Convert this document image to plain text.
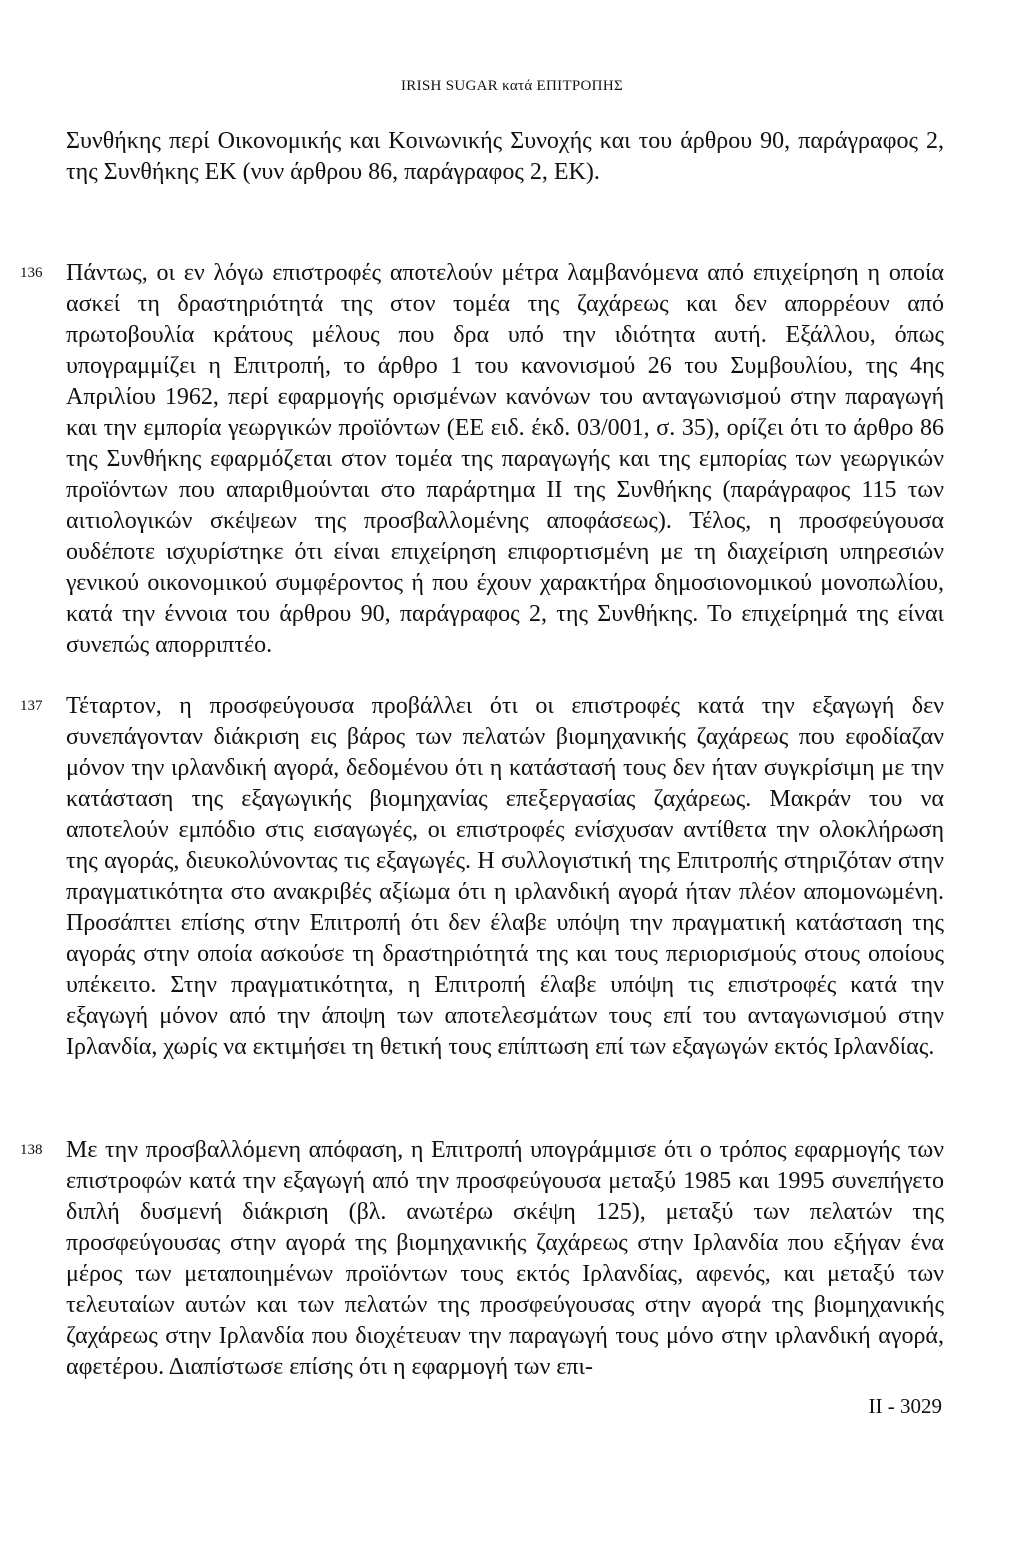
IRISH SUGAR κατά ΕΠΙΤΡΟΠΗΣ

Συνθήκης περί Οικονομικής και Κοινωνικής Συνοχής και του άρθρου 90, παράγραφος 2, της Συνθήκης ΕΚ (νυν άρθρου 86, παράγραφος 2, ΕΚ).

136 Πάντως, οι εν λόγω επιστροφές αποτελούν μέτρα λαμβανόμενα από επιχείρηση η οποία ασκεί τη δραστηριότητά της στον τομέα της ζαχάρεως και δεν απορρέουν από πρωτοβουλία κράτους μέλους που δρα υπό την ιδιότητα αυτή. Εξάλλου, όπως υπογραμμίζει η Επιτροπή, το άρθρο 1 του κανονισμού 26 του Συμβουλίου, της 4ης Απριλίου 1962, περί εφαρμογής ορισμένων κανόνων του ανταγωνισμού στην παραγωγή και την εμπορία γεωργικών προϊόντων (ΕΕ ειδ. έκδ. 03/001, σ. 35), ορίζει ότι το άρθρο 86 της Συνθήκης εφαρμόζεται στον τομέα της παραγωγής και της εμπορίας των γεωργικών προϊόντων που απαριθμούνται στο παράρτημα II της Συνθήκης (παράγραφος 115 των αιτιολογικών σκέψεων της προσβαλλομένης αποφάσεως). Τέλος, η προσφεύγουσα ουδέποτε ισχυρίστηκε ότι είναι επιχείρηση επιφορτισμένη με τη διαχείριση υπηρεσιών γενικού οικονομικού συμφέροντος ή που έχουν χαρακτήρα δημοσιονομικού μονοπωλίου, κατά την έννοια του άρθρου 90, παράγραφος 2, της Συνθήκης. Το επιχείρημά της είναι συνεπώς απορριπτέο.

137 Τέταρτον, η προσφεύγουσα προβάλλει ότι οι επιστροφές κατά την εξαγωγή δεν συνεπάγονταν διάκριση εις βάρος των πελατών βιομηχανικής ζαχάρεως που εφοδίαζαν μόνον την ιρλανδική αγορά, δεδομένου ότι η κατάστασή τους δεν ήταν συγκρίσιμη με την κατάσταση της εξαγωγικής βιομηχανίας επεξεργασίας ζαχάρεως. Μακράν του να αποτελούν εμπόδιο στις εισαγωγές, οι επιστροφές ενίσχυσαν αντίθετα την ολοκλήρωση της αγοράς, διευκολύνοντας τις εξαγωγές. Η συλλογιστική της Επιτροπής στηριζόταν στην πραγματικότητα στο ανακριβές αξίωμα ότι η ιρλανδική αγορά ήταν πλέον απομονωμένη. Προσάπτει επίσης στην Επιτροπή ότι δεν έλαβε υπόψη την πραγματική κατάσταση της αγοράς στην οποία ασκούσε τη δραστηριότητά της και τους περιορισμούς στους οποίους υπέκειτο. Στην πραγματικότητα, η Επιτροπή έλαβε υπόψη τις επιστροφές κατά την εξαγωγή μόνον από την άποψη των αποτελεσμάτων τους επί του ανταγωνισμού στην Ιρλανδία, χωρίς να εκτιμήσει τη θετική τους επίπτωση επί των εξαγωγών εκτός Ιρλανδίας.

138 Με την προσβαλλόμενη απόφαση, η Επιτροπή υπογράμμισε ότι ο τρόπος εφαρμογής των επιστροφών κατά την εξαγωγή από την προσφεύγουσα μεταξύ 1985 και 1995 συνεπήγετο διπλή δυσμενή διάκριση (βλ. ανωτέρω σκέψη 125), μεταξύ των πελατών της προσφεύγουσας στην αγορά της βιομηχανικής ζαχάρεως στην Ιρλανδία που εξήγαν ένα μέρος των μεταποιημένων προϊόντων τους εκτός Ιρλανδίας, αφενός, και μεταξύ των τελευταίων αυτών και των πελατών της προσφεύγουσας στην αγορά της βιομηχανικής ζαχάρεως στην Ιρλανδία που διοχέτευαν την παραγωγή τους μόνο στην ιρλανδική αγορά, αφετέρου. Διαπίστωσε επίσης ότι η εφαρμογή των επι-

II - 3029
